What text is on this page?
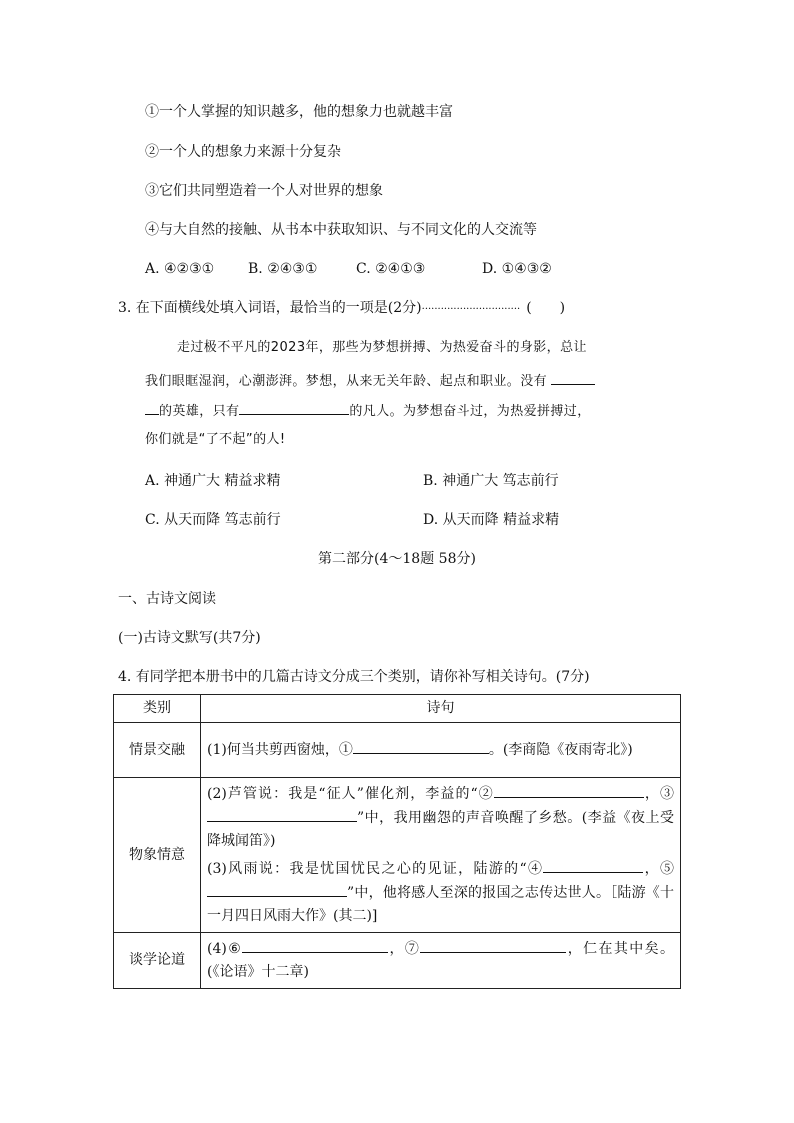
①一个人掌握的知识越多，他的想象力也就越丰富
②一个人的想象力来源十分复杂
③它们共同塑造着一个人对世界的想象
④与大自然的接触、从书本中获取知识、与不同文化的人交流等
A. ④②③① B. ②④③①	C. ②④①③	D. ①④③②
3. 在下面横线处填入词语，最恰当的一项是(2分)······························· (　　)
走过极不平凡的2023年，那些为梦想拼搏、为热爱奋斗的身影，总让
我们眼眶湿润，心潮澎湃。梦想，从来无关年龄、起点和职业。没有
的英雄，只有	的凡人。为梦想奋斗过，为热爱拼搏过，
你们就是“了不起”的人!
A. 神通广大 精益求精	B. 神通广大 笃志前行
C. 从天而降 笃志前行	D. 从天而降 精益求精
第二部分(4～18题 58分)
一、古诗文阅读
(一)古诗文默写(共7分)
4. 有同学把本册书中的几篇古诗文分成三个类别，请你补写相关诗句。(7分)
类别	诗句
情景交融	(1)何当共剪西窗烛，① 。(李商隐《夜雨寄北》)
物象情意	(2)芦管说：我是“征人”催化剂，李益的“② ，③”中，我用幽怨的声音唤醒了乡愁。(李益《夜上受降城闻笛》)
(3)风雨说：我是忧国忧民之心的见证，陆游的“④ ，⑤”中，他将感人至深的报国之志传达世人。［陆游《十一月四日风雨大作》(其二)]

谈学论道	(4)⑥ ，⑦ ，仁在其中矣。(《论语》十二章)
